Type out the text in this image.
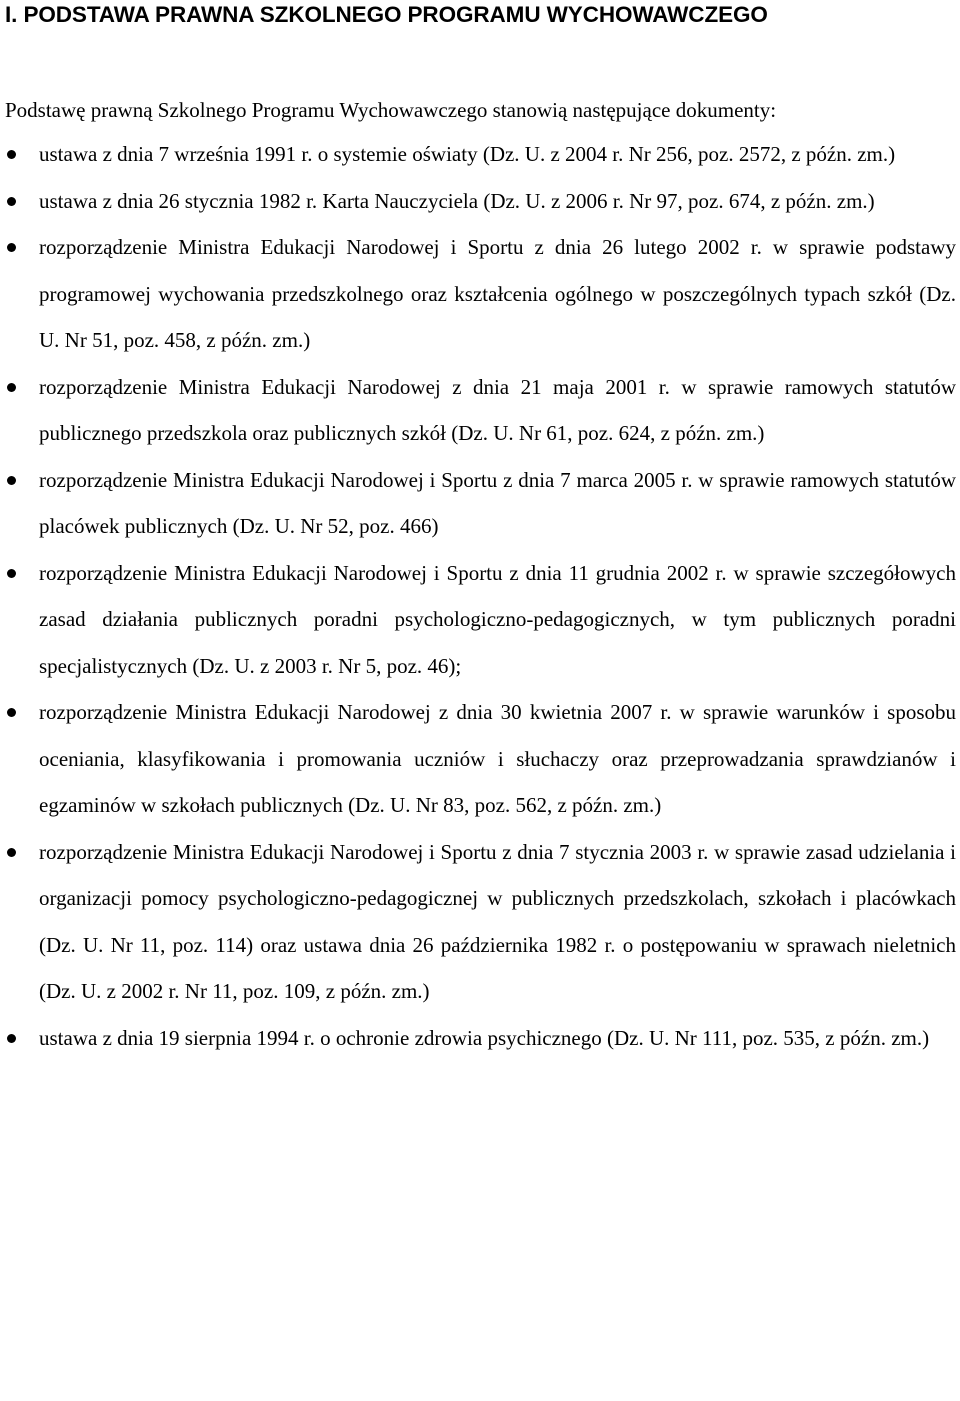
I. PODSTAWA PRAWNA SZKOLNEGO PROGRAMU WYCHOWAWCZEGO

Podstawę prawną Szkolnego Programu Wychowawczego stanowią następujące dokumenty:

ustawa z dnia 7 września 1991 r. o systemie oświaty (Dz. U. z 2004 r. Nr 256, poz. 2572, z późn. zm.)
ustawa z dnia 26 stycznia 1982 r. Karta Nauczyciela (Dz. U. z 2006 r. Nr 97, poz. 674, z późn. zm.)
rozporządzenie Ministra Edukacji Narodowej i Sportu z dnia 26 lutego 2002 r. w sprawie podstawy programowej wychowania przedszkolnego oraz kształcenia ogólnego w poszczególnych typach szkół (Dz. U. Nr 51, poz. 458, z późn. zm.)
rozporządzenie Ministra Edukacji Narodowej z dnia 21 maja 2001 r. w sprawie ramowych statutów publicznego przedszkola oraz publicznych szkół (Dz. U. Nr 61, poz. 624, z późn. zm.)
rozporządzenie Ministra Edukacji Narodowej i Sportu z dnia 7 marca 2005 r. w sprawie ramowych statutów placówek publicznych (Dz. U. Nr 52, poz. 466)
rozporządzenie Ministra Edukacji Narodowej i Sportu z dnia 11 grudnia 2002 r. w sprawie szczegółowych zasad działania publicznych poradni psychologiczno-pedagogicznych, w tym publicznych poradni specjalistycznych (Dz. U. z 2003 r. Nr 5, poz. 46);
rozporządzenie Ministra Edukacji Narodowej z dnia 30 kwietnia 2007 r. w sprawie warunków i sposobu oceniania, klasyfikowania i promowania uczniów i słuchaczy oraz przeprowadzania sprawdzianów i egzaminów w szkołach publicznych (Dz. U. Nr 83, poz. 562, z późn. zm.)
rozporządzenie Ministra Edukacji Narodowej i Sportu z dnia 7 stycznia 2003 r. w sprawie zasad udzielania i organizacji pomocy psychologiczno-pedagogicznej w publicznych przedszkolach, szkołach i placówkach (Dz. U. Nr 11, poz. 114) oraz ustawa dnia 26 października 1982 r. o postępowaniu w sprawach nieletnich (Dz. U. z 2002 r. Nr 11, poz. 109, z późn. zm.)
ustawa z dnia 19 sierpnia 1994 r. o ochronie zdrowia psychicznego (Dz. U. Nr 111, poz. 535, z późn. zm.)
